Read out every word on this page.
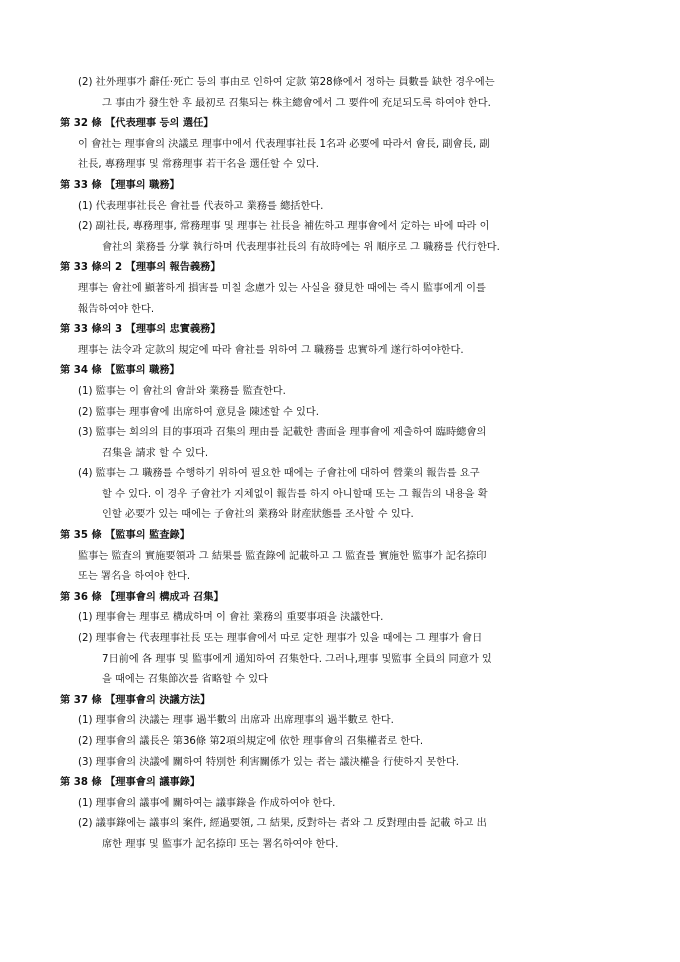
(2) 社外理事가 辭任·死亡 등의 事由로 인하여 定款 第28條에서 정하는 員數를 缺한 경우에는
그 事由가 發生한 후 最初로 召集되는 株主總會에서 그 要件에 充足되도록 하여야 한다.
第 32 條 【代表理事 등의 選任】
이 會社는 理事會의 決議로 理事中에서 代表理事社長 1名과 必要에 따라서 會長, 副會長, 副
社長, 專務理事 및 常務理事 若干名을 選任할 수 있다.
第 33 條 【理事의 職務】
(1) 代表理事社長은 會社를 代表하고 業務를 總括한다.
(2) 副社長, 專務理事, 常務理事 및 理事는 社長을 補佐하고 理事會에서 定하는 바에 따라 이
會社의 業務를 分掌 執行하며 代表理事社長의 有故時에는 위 順序로 그 職務를 代行한다.
第 33 條의 2 【理事의 報告義務】
理事는 會社에 顯著하게 損害를 미칠 念慮가 있는 사실을 發見한 때에는 즉시 監事에게 이를
報告하여야 한다.
第 33 條의 3 【理事의 忠實義務】
理事는 法令과 定款의 規定에 따라 會社를 위하여 그 職務를 忠實하게 遂行하여야한다.
第 34 條 【監事의 職務】
(1) 監事는 이 會社의 會計와 業務를 監査한다.
(2) 監事는 理事會에 出席하여 意見을 陳述할 수 있다.
(3) 監事는 회의의 目的事項과 召集의 理由를 記載한 書面을 理事會에 제출하여 臨時總會의
召集을 請求 할 수 있다.
(4) 監事는 그 職務를 수행하기 위하여 필요한 때에는 子會社에 대하여 營業의 報告를 요구
할 수 있다. 이 경우 子會社가 지체없이 報告를 하지 아니할때 또는 그 報告의 내용을 확
인할 必要가 있는 때에는 子會社의 業務와 財産狀態를 조사할 수 있다.
第 35 條 【監事의 監査錄】
監事는 監査의 實施要領과 그 結果를 監査錄에 記載하고 그 監査를 實施한 監事가 記名捺印
또는 署名을 하여야 한다.
第 36 條 【理事會의 構成과 召集】
(1) 理事會는 理事로 構成하며 이 會社 業務의 重要事項을 決議한다.
(2) 理事會는 代表理事社長 또는 理事會에서 따로 定한 理事가 있을 때에는 그 理事가 會日
7日前에 各 理事 및 監事에게 通知하여 召集한다. 그러나,理事 및監事 全員의 同意가 있
을 때에는 召集節次를 省略할 수 있다
第 37 條 【理事會의 決議方法】
(1) 理事會의 決議는 理事 過半數의 出席과 出席理事의 過半數로 한다.
(2) 理事會의 議長은 第36條 第2項의規定에 依한 理事會의 召集權者로 한다.
(3) 理事會의 決議에 關하여 特別한 利害關係가 있는 者는 議決權을 行使하지 못한다.
第 38 條 【理事會의 議事錄】
(1) 理事會의 議事에 關하여는 議事錄을 作成하여야 한다.
(2) 議事錄에는 議事의 案件, 經過要領, 그 結果, 反對하는 者와 그 反對理由를 記載 하고 出
席한 理事 및 監事가 記名捺印 또는 署名하여야 한다.
